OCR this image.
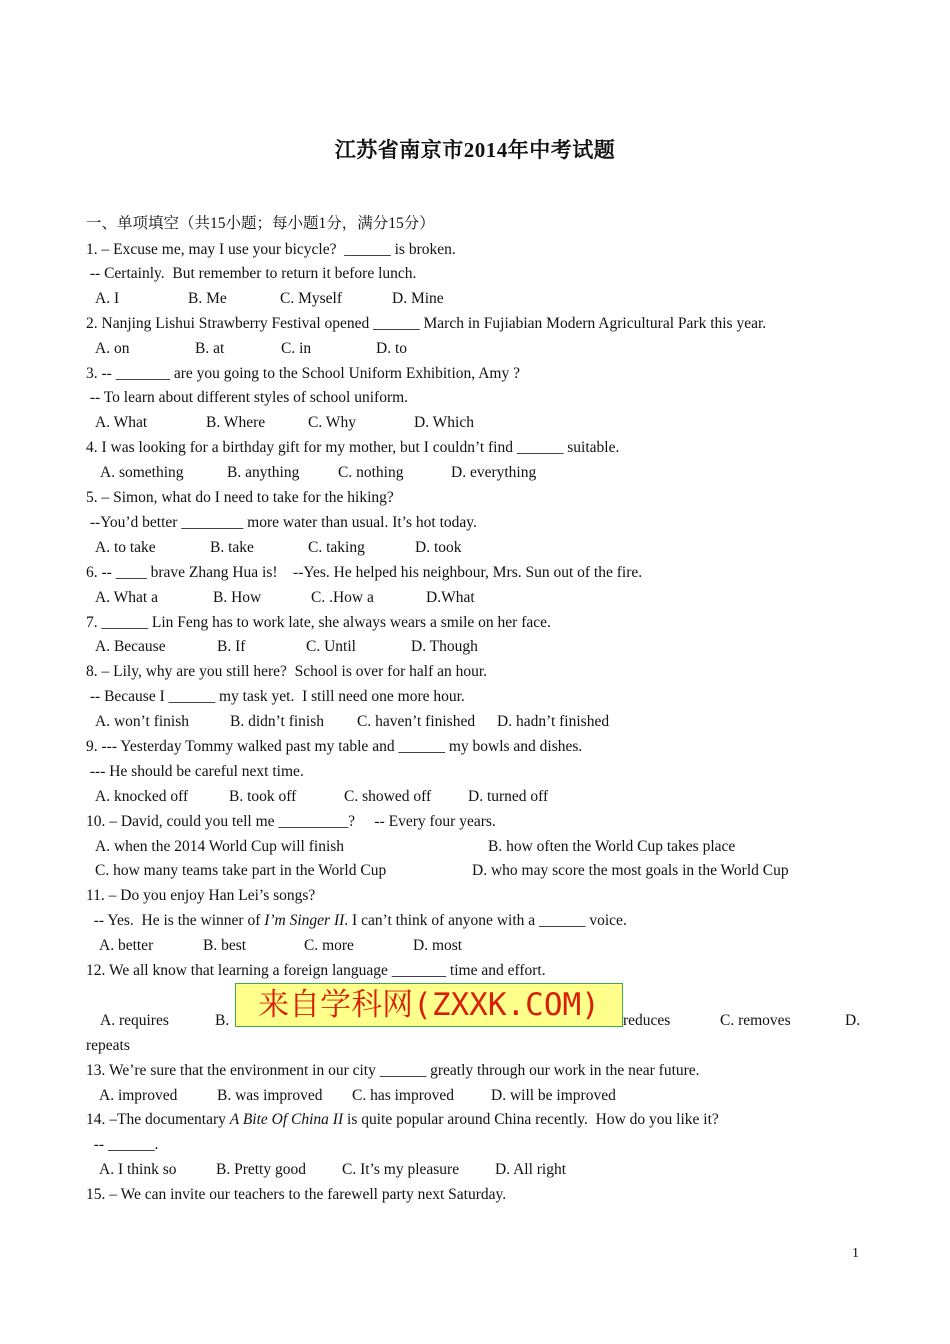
江苏省南京市2014年中考试题
一、单项填空（共15小题；每小题1分，满分15分）
1. – Excuse me, may I use your bicycle?  ______ is broken.
-- Certainly.  But remember to return it before lunch.

A. I

	B. Me

	C. Myself

	D. Mine

2. Nanjing Lishui Strawberry Festival opened ______ March in Fujiabian Modern Agricultural Park this year.

A. on

	B. at

	C. in

	D. to

3. -- _______ are you going to the School Uniform Exhibition, Amy ?
-- To learn about different styles of school uniform.

A. What

	B. Where

	C. Why

	D. Which

4. I was looking for a birthday gift for my mother, but I couldn’t find ______ suitable.

A. something

	B. anything

C. nothing

	D. everything

5. – Simon, what do I need to take for the hiking?
--You’d better ________ more water than usual. It’s hot today.

A. to take

	B. take

	C. taking

	D. took

6. -- ____ brave Zhang Hua is!    --Yes. He helped his neighbour, Mrs. Sun out of the fire.

A. What a

	B. How

	C. .How a

	D.What

7. ______ Lin Feng has to work late, she always wears a smile on her face.

A. Because

	B. If

	C. Until

	D. Though

8. – Lily, why are you still here?  School is over for half an hour.
-- Because I ______ my task yet.  I still need one more hour.

A. won’t finish

	B. didn’t finish

C. haven’t finished

D. hadn’t finished

9. --- Yesterday Tommy walked past my table and ______ my bowls and dishes.
--- He should be careful next time.

A. knocked off

	B. took off

	C. showed off

D. turned off

10. – David, could you tell me _________?     -- Every four years.

A. when the 2014 World Cup will finish

	B. how often the World Cup takes place

C. how many teams take part in the World Cup

	D. who may score the most goals in the World Cup

11. – Do you enjoy Han Lei’s songs?
-- Yes.  He is the winner of I’m Singer II. I can’t think of anyone with a ______ voice.

A. better

	B. best

	C. more

	D. most

12. We all know that learning a foreign language _______ time and effort.

A. requires

	B.

	reduces

	C. removes

	D.

repeats
来自学科网(ZXXK.COM)
13. We’re sure that the environment in our city ______ greatly through our work in the near future.

A. improved

	B. was improved

C. has improved

D. will be improved

14. –The documentary A Bite Of China II is quite popular around China recently.  How do you like it?
-- ______.

A. I think so

	B. Pretty good

C. It’s my pleasure

D. All right

15. – We can invite our teachers to the farewell party next Saturday.
1
